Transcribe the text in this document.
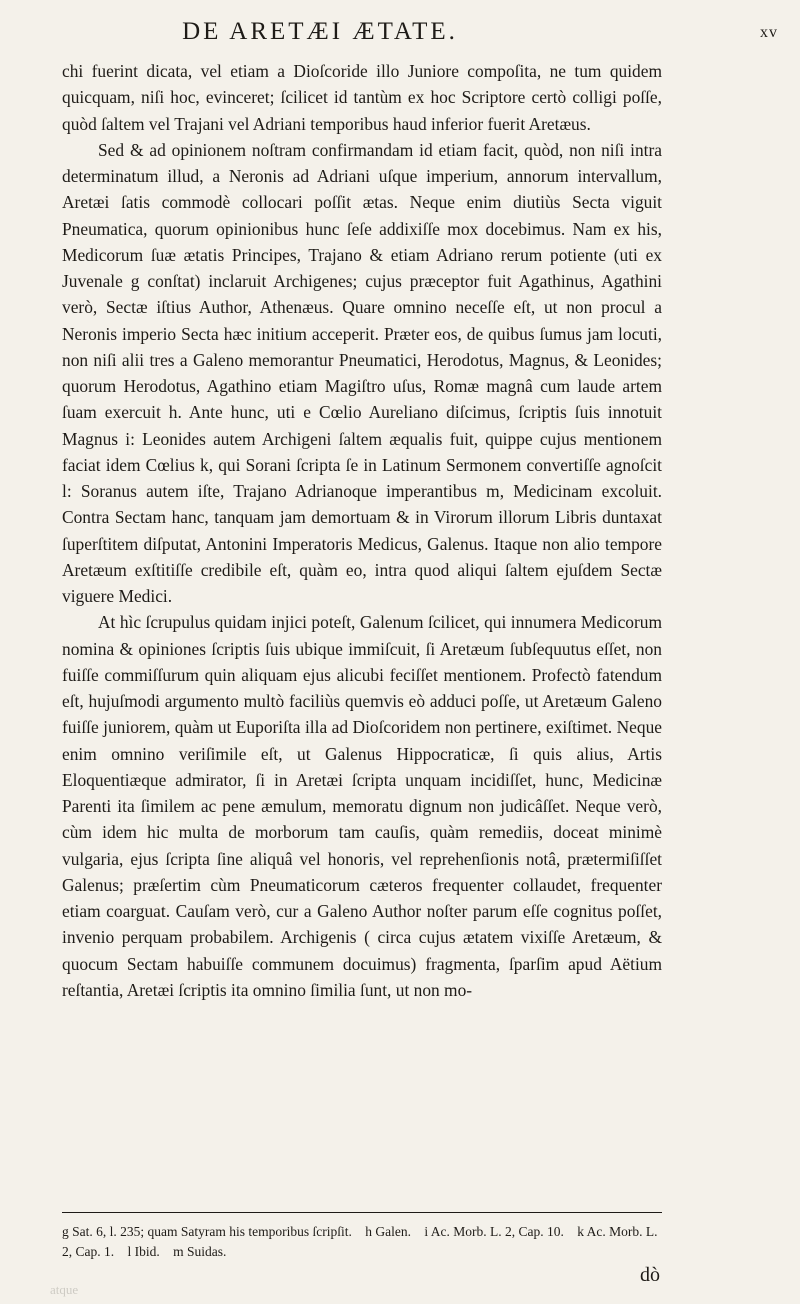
DE ARETÆI ÆTATE.	xv

chi fuerint dicata, vel etiam a Dioſcoride illo Juniore compoſita, ne tum quidem quicquam, niſi hoc, evinceret; ſcilicet id tantùm ex hoc Scriptore certò colligi poſſe, quòd ſaltem vel Trajani vel Adriani temporibus haud inferior fuerit Aretæus.

Sed & ad opinionem noſtram confirmandam id etiam facit, quòd, non niſi intra determinatum illud, a Neronis ad Adriani uſque imperium, annorum intervallum, Aretæi ſatis commodè collocari poſſit ætas. Neque enim diutiùs Secta viguit Pneumatica, quorum opinionibus hunc ſeſe addixiſſe mox docebimus. Nam ex his, Medicorum ſuæ ætatis Principes, Trajano & etiam Adriano rerum potiente (uti ex Juvenale g conſtat) inclaruit Archigenes; cujus præceptor fuit Agathinus, Agathini verò, Sectæ iſtius Author, Athenæus. Quare omnino neceſſe eſt, ut non procul a Neronis imperio Secta hæc initium acceperit. Præter eos, de quibus ſumus jam locuti, non niſi alii tres a Galeno memorantur Pneumatici, Herodotus, Magnus, & Leonides; quorum Herodotus, Agathino etiam Magiſtro uſus, Romæ magnâ cum laude artem ſuam exercuit h. Ante hunc, uti e Cœlio Aureliano diſcimus, ſcriptis ſuis innotuit Magnus i: Leonides autem Archigeni ſaltem æqualis fuit, quippe cujus mentionem faciat idem Cœlius k, qui Sorani ſcripta ſe in Latinum Sermonem convertiſſe agnoſcit l: Soranus autem iſte, Trajano Adrianoque imperantibus m, Medicinam excoluit. Contra Sectam hanc, tanquam jam demortuam & in Virorum illorum Libris duntaxat ſuperſtitem diſputat, Antonini Imperatoris Medicus, Galenus. Itaque non alio tempore Aretæum exſtitiſſe credibile eſt, quàm eo, intra quod aliqui ſaltem ejuſdem Sectæ viguere Medici.

At hìc ſcrupulus quidam injici poteſt, Galenum ſcilicet, qui innumera Medicorum nomina & opiniones ſcriptis ſuis ubique immiſcuit, ſi Aretæum ſubſequutus eſſet, non fuiſſe commiſſurum quin aliquam ejus alicubi feciſſet mentionem. Profectò fatendum eſt, hujuſmodi argumento multò faciliùs quemvis eò adduci poſſe, ut Aretæum Galeno fuiſſe juniorem, quàm ut Euporiſta illa ad Dioſcoridem non pertinere, exiſtimet. Neque enim omnino veriſimile eſt, ut Galenus Hippocraticæ, ſi quis alius, Artis Eloquentiæque admirator, ſi in Aretæi ſcripta unquam incidiſſet, hunc, Medicinæ Parenti ita ſimilem ac pene æmulum, memoratu dignum non judicâſſet. Neque verò, cùm idem hic multa de morborum tam cauſis, quàm remediis, doceat minimè vulgaria, ejus ſcripta ſine aliquâ vel honoris, vel reprehenſionis notâ, prætermiſiſſet Galenus; præſertim cùm Pneumaticorum cæteros frequenter collaudet, frequenter etiam coarguat. Cauſam verò, cur a Galeno Author noſter parum eſſe cognitus poſſet, invenio perquam probabilem. Archigenis ( circa cujus ætatem vixiſſe Aretæum, & quocum Sectam habuiſſe communem docuimus) fragmenta, ſparſim apud Aëtium reſtantia, Aretæi ſcriptis ita omnino ſimilia ſunt, ut non mo-

g Sat. 6, l. 235; quam Satyram his temporibus ſcripſit. h Galen. i Ac. Morb. L. 2, Cap. 10. k Ac. Morb. L. 2, Cap. 1. l Ibid. m Suidas.
dò
atque
